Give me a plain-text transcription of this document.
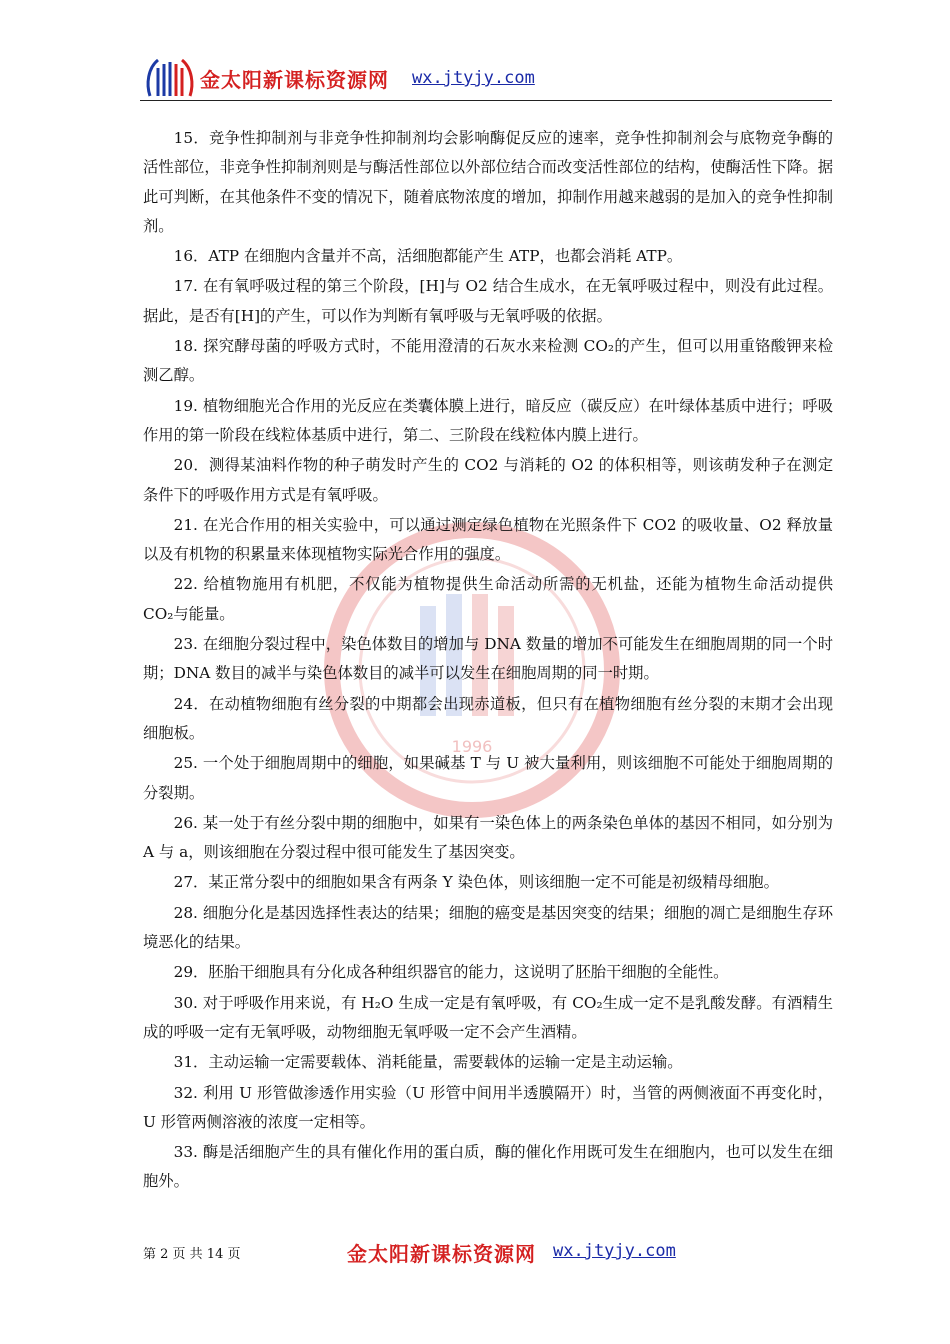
金太阳新课标资源网 wx.jtyjy.com
1996

15．竞争性抑制剂与非竞争性抑制剂均会影响酶促反应的速率，竞争性抑制剂会与底物竞争酶的活性部位，非竞争性抑制剂则是与酶活性部位以外部位结合而改变活性部位的结构，使酶活性下降。据此可判断，在其他条件不变的情况下，随着底物浓度的增加，抑制作用越来越弱的是加入的竞争性抑制剂。

16．ATP 在细胞内含量并不高，活细胞都能产生 ATP，也都会消耗 ATP。

17. 在有氧呼吸过程的第三个阶段，[H]与 O2 结合生成水，在无氧呼吸过程中，则没有此过程。据此，是否有[H]的产生，可以作为判断有氧呼吸与无氧呼吸的依据。

18. 探究酵母菌的呼吸方式时，不能用澄清的石灰水来检测 CO₂的产生，但可以用重铬酸钾来检测乙醇。

19. 植物细胞光合作用的光反应在类囊体膜上进行，暗反应（碳反应）在叶绿体基质中进行；呼吸作用的第一阶段在线粒体基质中进行，第二、三阶段在线粒体内膜上进行。

20．测得某油料作物的种子萌发时产生的 CO2 与消耗的 O2 的体积相等，则该萌发种子在测定条件下的呼吸作用方式是有氧呼吸。

21. 在光合作用的相关实验中，可以通过测定绿色植物在光照条件下 CO2 的吸收量、O2 释放量以及有机物的积累量来体现植物实际光合作用的强度。

22. 给植物施用有机肥，不仅能为植物提供生命活动所需的无机盐，还能为植物生命活动提供 CO₂与能量。

23. 在细胞分裂过程中，染色体数目的增加与 DNA 数量的增加不可能发生在细胞周期的同一个时期；DNA 数目的减半与染色体数目的减半可以发生在细胞周期的同一时期。

24．在动植物细胞有丝分裂的中期都会出现赤道板，但只有在植物细胞有丝分裂的末期才会出现细胞板。

25. 一个处于细胞周期中的细胞，如果碱基 T 与 U 被大量利用，则该细胞不可能处于细胞周期的分裂期。

26. 某一处于有丝分裂中期的细胞中，如果有一染色体上的两条染色单体的基因不相同，如分别为 A 与 a，则该细胞在分裂过程中很可能发生了基因突变。

27．某正常分裂中的细胞如果含有两条 Y 染色体，则该细胞一定不可能是初级精母细胞。

28. 细胞分化是基因选择性表达的结果；细胞的癌变是基因突变的结果；细胞的凋亡是细胞生存环境恶化的结果。

29．胚胎干细胞具有分化成各种组织器官的能力，这说明了胚胎干细胞的全能性。

30. 对于呼吸作用来说，有 H₂O 生成一定是有氧呼吸，有 CO₂生成一定不是乳酸发酵。有酒精生成的呼吸一定有无氧呼吸，动物细胞无氧呼吸一定不会产生酒精。

31．主动运输一定需要载体、消耗能量，需要载体的运输一定是主动运输。

32. 利用 U 形管做渗透作用实验（U 形管中间用半透膜隔开）时，当管的两侧液面不再变化时，U 形管两侧溶液的浓度一定相等。

33. 酶是活细胞产生的具有催化作用的蛋白质，酶的催化作用既可发生在细胞内，也可以发生在细胞外。

第 2 页 共 14 页	金太阳新课标资源网 wx.jtyjy.com
